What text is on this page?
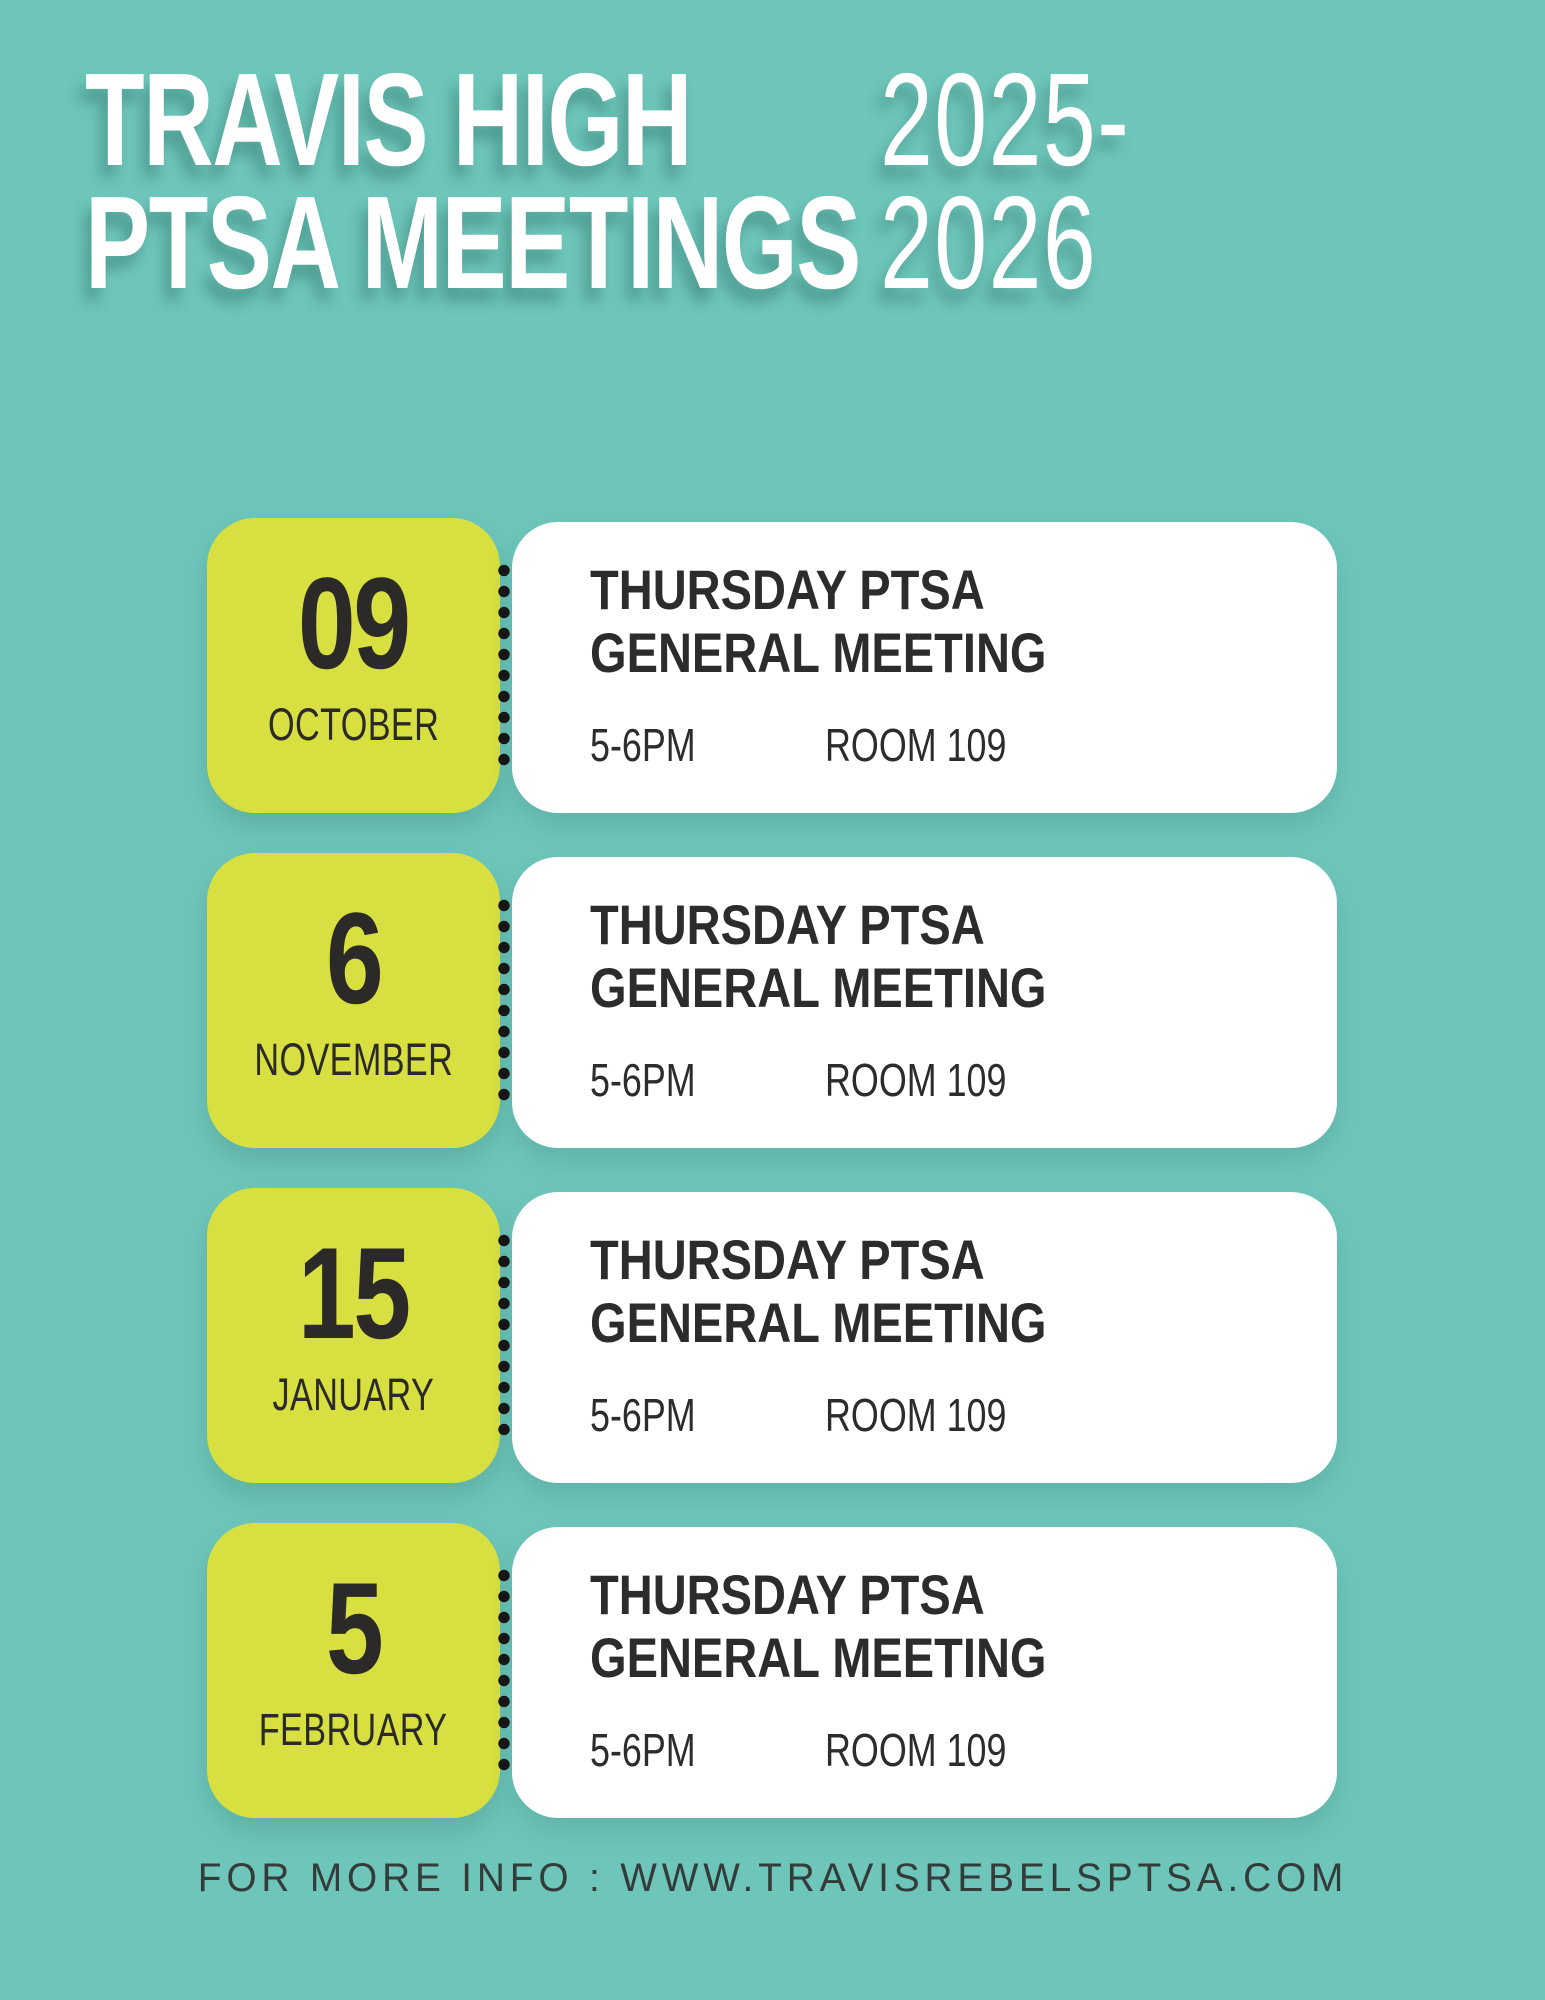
TRAVIS HIGH
PTSA MEETINGS
2025-
2026
09
OCTOBER
THURSDAY PTSA
GENERAL MEETING
5-6PM	ROOM 109
6
NOVEMBER
THURSDAY PTSA
GENERAL MEETING
5-6PM	ROOM 109
15
JANUARY
THURSDAY PTSA
GENERAL MEETING
5-6PM	ROOM 109
5
FEBRUARY
THURSDAY PTSA
GENERAL MEETING
5-6PM	ROOM 109
FOR MORE INFO : WWW.TRAVISREBELSPTSA.COM
